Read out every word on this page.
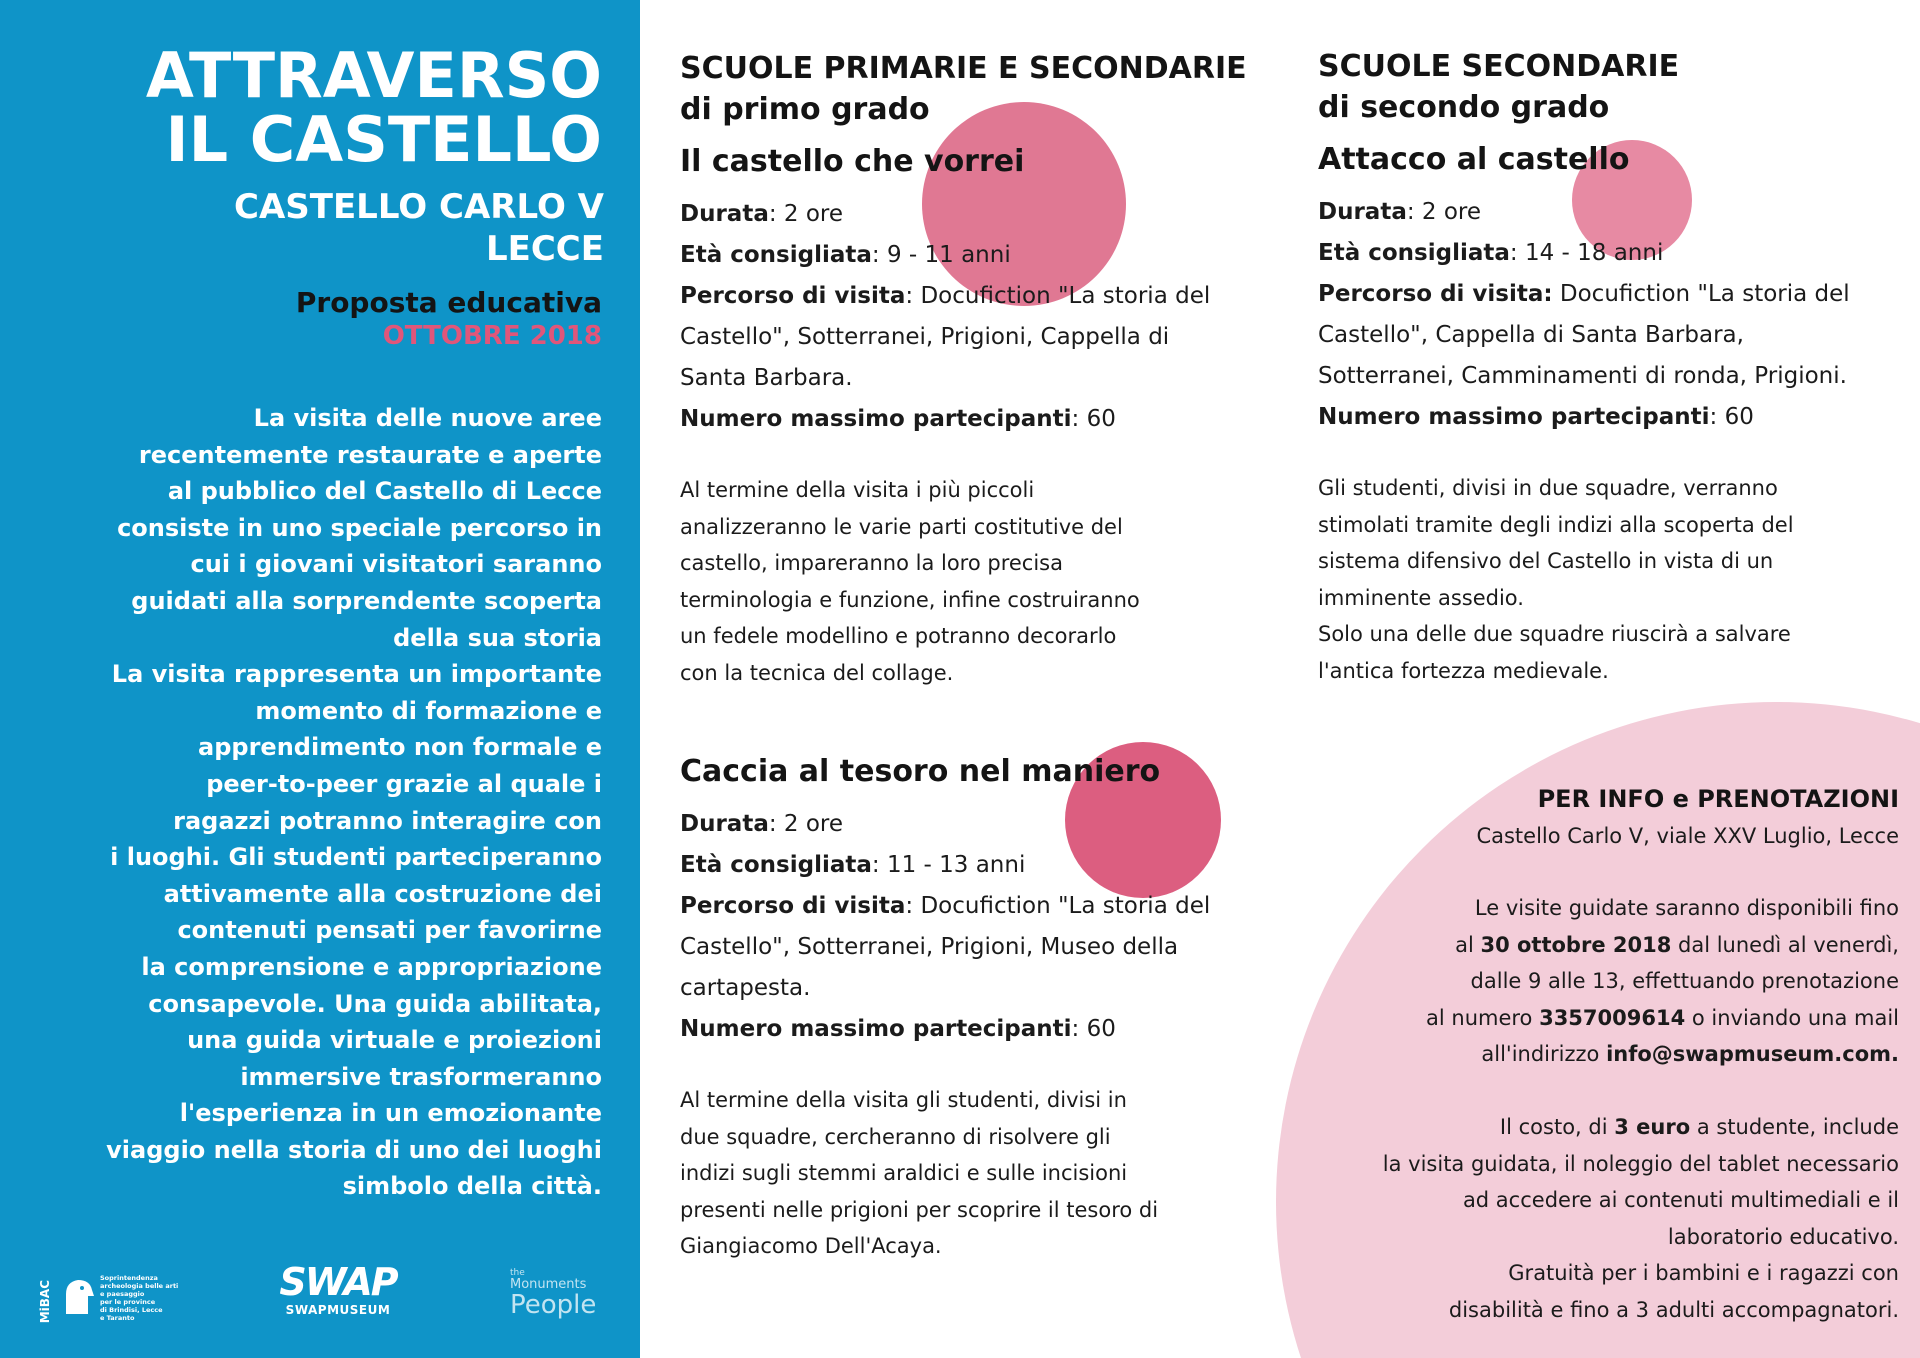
ATTRAVERSO
IL CASTELLO
CASTELLO CARLO V
LECCE
Proposta educativa
OTTOBRE 2018
La visita delle nuove aree
recentemente restaurate e aperte
al pubblico del Castello di Lecce
consiste in uno speciale percorso in
cui i giovani visitatori saranno
guidati alla sorprendente scoperta
della sua storia
La visita rappresenta un importante
momento di formazione e
apprendimento non formale e
peer-to-peer grazie al quale i
ragazzi potranno interagire con
i luoghi. Gli studenti parteciperanno
attivamente alla costruzione dei
contenuti pensati per favorirne
la comprensione e appropriazione
consapevole. Una guida abilitata,
una guida virtuale e proiezioni
immersive trasformeranno
l'esperienza in un emozionante
viaggio nella storia di uno dei luoghi
simbolo della città.
MiBAC
Soprintendenza
archeologia belle arti
e paesaggio
per le province
di Brindisi, Lecce
e Taranto
SWAP
SWAPMUSEUM
the
Monuments
People
SCUOLE PRIMARIE E SECONDARIE
di primo grado
Il castello che vorrei
Durata: 2 ore
Età consigliata: 9 - 11 anni
Percorso di visita: Docufiction "La storia del
Castello", Sotterranei, Prigioni, Cappella di
Santa Barbara.
Numero massimo partecipanti: 60
Al termine della visita i più piccoli
analizzeranno le varie parti costitutive del
castello, impareranno la loro precisa
terminologia e funzione, infine costruiranno
un fedele modellino e potranno decorarlo
con la tecnica del collage.
Caccia al tesoro nel maniero
Durata: 2 ore
Età consigliata: 11 - 13 anni
Percorso di visita: Docufiction "La storia del
Castello", Sotterranei, Prigioni, Museo della
cartapesta.
Numero massimo partecipanti: 60
Al termine della visita gli studenti, divisi in
due squadre, cercheranno di risolvere gli
indizi sugli stemmi araldici e sulle incisioni
presenti nelle prigioni per scoprire il tesoro di
Giangiacomo Dell'Acaya.
SCUOLE SECONDARIE
di secondo grado
Attacco al castello
Durata: 2 ore
Età consigliata: 14 - 18 anni
Percorso di visita: Docufiction "La storia del
Castello", Cappella di Santa Barbara,
Sotterranei, Camminamenti di ronda, Prigioni.
Numero massimo partecipanti: 60
Gli studenti, divisi in due squadre, verranno
stimolati tramite degli indizi alla scoperta del
sistema difensivo del Castello in vista di un
imminente assedio.
Solo una delle due squadre riuscirà a salvare
l'antica fortezza medievale.
PER INFO e PRENOTAZIONI
Castello Carlo V, viale XXV Luglio, Lecce
Le visite guidate saranno disponibili fino
al 30 ottobre 2018 dal lunedì al venerdì,
dalle 9 alle 13, effettuando prenotazione
al numero 3357009614 o inviando una mail
all'indirizzo info@swapmuseum.com.
Il costo, di 3 euro a studente, include
la visita guidata, il noleggio del tablet necessario
ad accedere ai contenuti multimediali e il
laboratorio educativo.
Gratuità per i bambini e i ragazzi con
disabilità e fino a 3 adulti accompagnatori.
